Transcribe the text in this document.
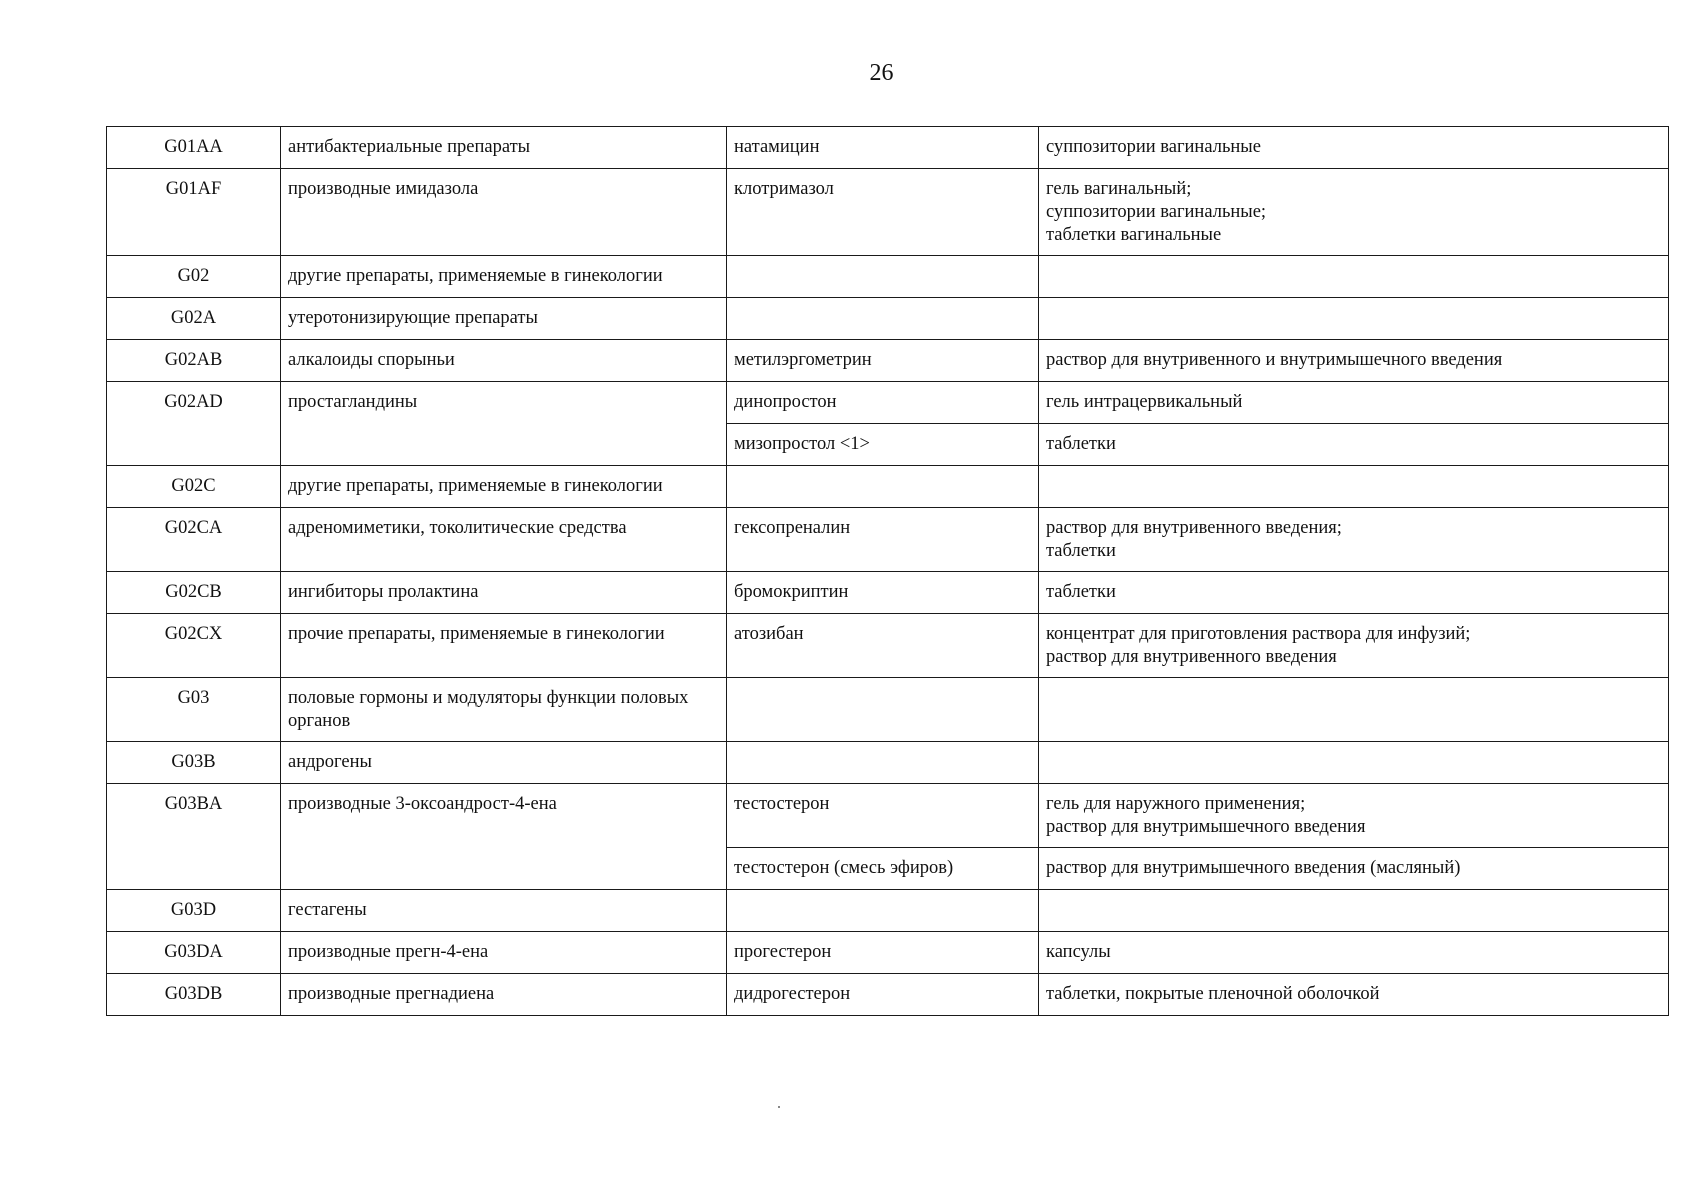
26
G01AA	антибактериальные препараты	натамицин	суппозитории вагинальные

G01AF	производные имидазола	клотримазол	гель вагинальный;
суппозитории вагинальные;
таблетки вагинальные

G02	другие препараты, применяемые в гинекологии		
G02A	утеротонизирующие препараты		
G02AB	алкалоиды спорыньи	метилэргометрин	раствор для внутривенного и внутримышечного введения

G02AD	простагландины	динопростон	гель интрацервикальный

		мизопростол <1>	таблетки

G02C	другие препараты, применяемые в гинекологии		
G02CA	адреномиметики, токолитические средства	гексопреналин	раствор для внутривенного введения;
таблетки

G02CB	ингибиторы пролактина	бромокриптин	таблетки

G02CX	прочие препараты, применяемые в гинекологии	атозибан	концентрат для приготовления раствора для инфузий;
раствор для внутривенного введения

G03	половые гормоны и модуляторы функции половых органов		
G03B	андрогены		
G03BA	производные 3-оксоандрост-4-ена	тестостерон	гель для наружного применения;
раствор для внутримышечного введения

		тестостерон (смесь эфиров)	раствор для внутримышечного введения (масляный)

G03D	гестагены		
G03DA	производные прегн-4-ена	прогестерон	капсулы

G03DB	производные прегнадиена	дидрогестерон	таблетки, покрытые пленочной оболочкой
